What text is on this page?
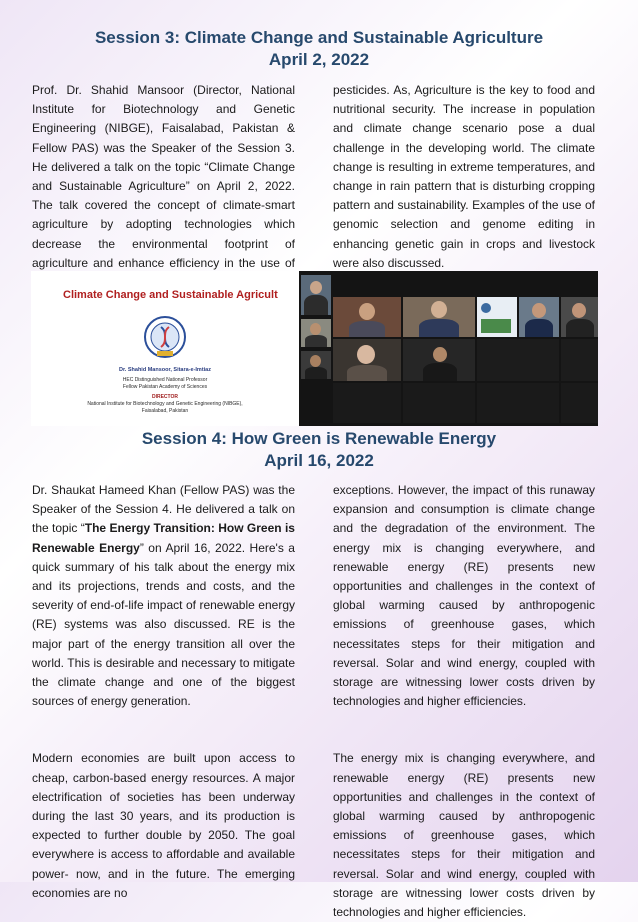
Session 3: Climate Change and Sustainable Agriculture
April 2, 2022

Prof. Dr. Shahid Mansoor (Director, National Institute for Biotechnology and Genetic Engineering (NIBGE), Faisalabad, Pakistan & Fellow PAS) was the Speaker of the Session 3. He delivered a talk on the topic “Climate Change and Sustainable Agriculture” on April 2, 2022. The talk covered the concept of climate-smart agriculture by adopting technologies which decrease the environmental footprint of agriculture and enhance efficiency in the use of

pesticides. As, Agriculture is the key to food and nutritional security. The increase in population and climate change scenario pose a dual challenge in the developing world. The climate change is resulting in extreme temperatures, and change in rain pattern that is disturbing cropping pattern and sustainability. Examples of the use of genomic selection and genome editing in enhancing genetic gain in crops and livestock were also discussed.

Climate Change and Sustainable Agricult
Dr. Shahid Mansoor, Sitara-e-Imtiaz
HEC Distinguished National Professor
Fellow Pakistan Academy of Sciences
DIRECTOR
National Institute for Biotechnology and Genetic Engineering (NIBGE),
Faisalabad, Pakistan
Session 4: How Green is Renewable Energy
April 16, 2022

Dr. Shaukat Hameed Khan (Fellow PAS) was the Speaker of the Session 4. He delivered a talk on the topic “The Energy Transition: How Green is Renewable Energy” on April 16, 2022. Here's a quick summary of his talk about the energy mix and its projections, trends and costs, and the severity of end-of-life impact of renewable energy (RE) systems was also discussed. RE is the major part of the energy transition all over the world. This is desirable and necessary to mitigate the climate change and one of the biggest sources of energy generation.

Modern economies are built upon access to cheap, carbon-based energy resources. A major electrification of societies has been underway during the last 30 years, and its production is expected to further double by 2050. The goal everywhere is access to affordable and available power- now, and in the future. The emerging economies are no

exceptions. However, the impact of this runaway expansion and consumption is climate change and the degradation of the environment. The energy mix is changing everywhere, and renewable energy (RE) presents new opportunities and challenges in the context of global warming caused by anthropogenic emissions of greenhouse gases, which necessitates steps for their mitigation and reversal. Solar and wind energy, coupled with storage are witnessing lower costs driven by technologies and higher efficiencies.

The energy mix is changing everywhere, and renewable energy (RE) presents new opportunities and challenges in the context of global warming caused by anthropogenic emissions of greenhouse gases, which necessitates steps for their mitigation and reversal. Solar and wind energy, coupled with storage are witnessing lower costs driven by technologies and higher efficiencies.
